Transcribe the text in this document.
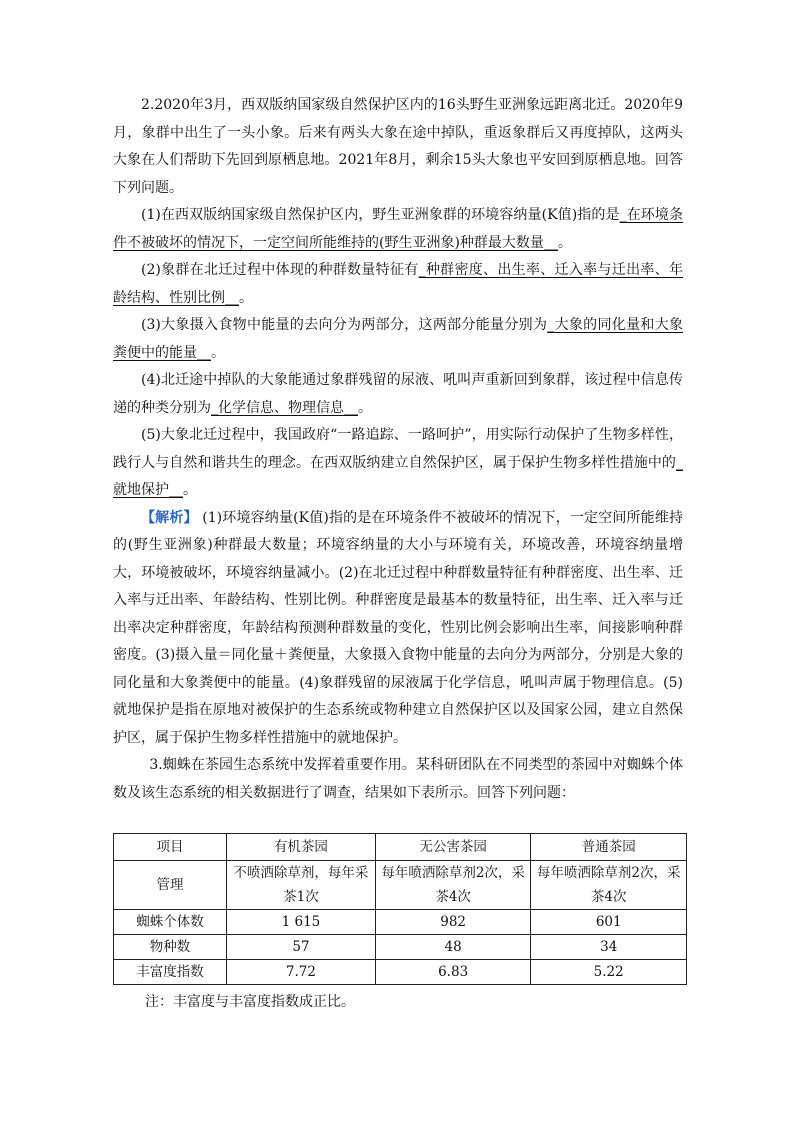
2.2020年3月，西双版纳国家级自然保护区内的16头野生亚洲象远距离北迁。2020年9月，象群中出生了一头小象。后来有两头大象在途中掉队，重返象群后又再度掉队，这两头大象在人们帮助下先回到原栖息地。2021年8月，剩余15头大象也平安回到原栖息地。回答下列问题。

(1)在西双版纳国家级自然保护区内，野生亚洲象群的环境容纳量(K值)指的是_在环境条件不被破坏的情况下，一定空间所能维持的(野生亚洲象)种群最大数量__。

(2)象群在北迁过程中体现的种群数量特征有_种群密度、出生率、迁入率与迁出率、年龄结构、性别比例__。

(3)大象摄入食物中能量的去向分为两部分，这两部分能量分别为_大象的同化量和大象粪便中的能量__。

(4)北迁途中掉队的大象能通过象群残留的尿液、吼叫声重新回到象群，该过程中信息传递的种类分别为_化学信息、物理信息__。

(5)大象北迁过程中，我国政府“一路追踪、一路呵护”，用实际行动保护了生物多样性，践行人与自然和谐共生的理念。在西双版纳建立自然保护区，属于保护生物多样性措施中的_就地保护__。

【解析】 (1)环境容纳量(K值)指的是在环境条件不被破坏的情况下，一定空间所能维持的(野生亚洲象)种群最大数量；环境容纳量的大小与环境有关，环境改善，环境容纳量增大，环境被破坏，环境容纳量减小。(2)在北迁过程中种群数量特征有种群密度、出生率、迁入率与迁出率、年龄结构、性别比例。种群密度是最基本的数量特征，出生率、迁入率与迁出率决定种群密度，年龄结构预测种群数量的变化，性别比例会影响出生率，间接影响种群密度。(3)摄入量＝同化量＋粪便量，大象摄入食物中能量的去向分为两部分，分别是大象的同化量和大象粪便中的能量。(4)象群残留的尿液属于化学信息，吼叫声属于物理信息。(5)就地保护是指在原地对被保护的生态系统或物种建立自然保护区以及国家公园，建立自然保护区，属于保护生物多样性措施中的就地保护。

3.蜘蛛在茶园生态系统中发挥着重要作用。某科研团队在不同类型的茶园中对蜘蛛个体数及该生态系统的相关数据进行了调查，结果如下表所示。回答下列问题：

项目	有机茶园	无公害茶园	普通茶园
管理	不喷洒除草剂，每年采茶1次	每年喷洒除草剂2次，采茶4次	每年喷洒除草剂2次，采茶4次
蜘蛛个体数	1 615	982	601
物种数	57	48	34
丰富度指数	7.72	6.83	5.22

注：丰富度与丰富度指数成正比。
